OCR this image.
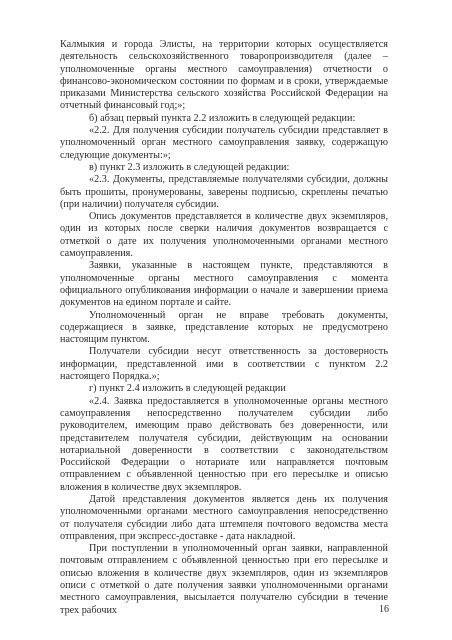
Калмыкия и города Элисты, на территории которых осуществляется деятельность сельскохозяйственного товаропроизводителя (далее – уполномоченные органы местного самоуправления) отчетности о финансово-экономическом состоянии по формам и в сроки, утверждаемые приказами Министерства сельского хозяйства Российской Федерации на отчетный финансовый год;»;

б) абзац первый пункта 2.2 изложить в следующей редакции:

«2.2. Для получения субсидии получатель субсидии представляет в уполномоченный орган местного самоуправления заявку, содержащую следующие документы:»;

в) пункт 2.3 изложить в следующей редакции:

«2.3. Документы, представляемые получателями субсидии, должны быть прошиты, пронумерованы, заверены подписью, скреплены печатью (при наличии) получателя субсидии.

Опись документов представляется в количестве двух экземпляров, один из которых после сверки наличия документов возвращается с отметкой о дате их получения уполномоченными органами местного самоуправления.

Заявки, указанные в настоящем пункте, представляются в уполномоченные органы местного самоуправления с момента официального опубликования информации о начале и завершении приема документов на едином портале и сайте.

Уполномоченный орган не вправе требовать документы, содержащиеся в заявке, представление которых не предусмотрено настоящим пунктом.

Получатели субсидии несут ответственность за достоверность информации, представленной ими в соответствии с пунктом 2.2 настоящего Порядка.»;

г) пункт 2.4 изложить в следующей редакции

«2.4. Заявка предоставляется в уполномоченные органы местного самоуправления непосредственно получателем субсидии либо руководителем, имеющим право действовать без доверенности, или представителем получателя субсидии, действующим на основании нотариальной доверенности в соответствии с законодательством Российской Федерации о нотариате или направляется почтовым отправлением с объявленной ценностью при его пересылке и описью вложения в количестве двух экземпляров.

Датой представления документов является день их получения уполномоченными органами местного самоуправления непосредственно от получателя субсидии либо дата штемпеля почтового ведомства места отправления, при экспресс-доставке - дата накладной.

При поступлении в уполномоченный орган заявки, направленной почтовым отправлением с объявленной ценностью при его пересылке и описью вложения в количестве двух экземпляров, один из экземпляров описи с отметкой о дате получения заявки уполномоченными органами местного самоуправления, высылается получателю субсидии в течение трех рабочих	16
